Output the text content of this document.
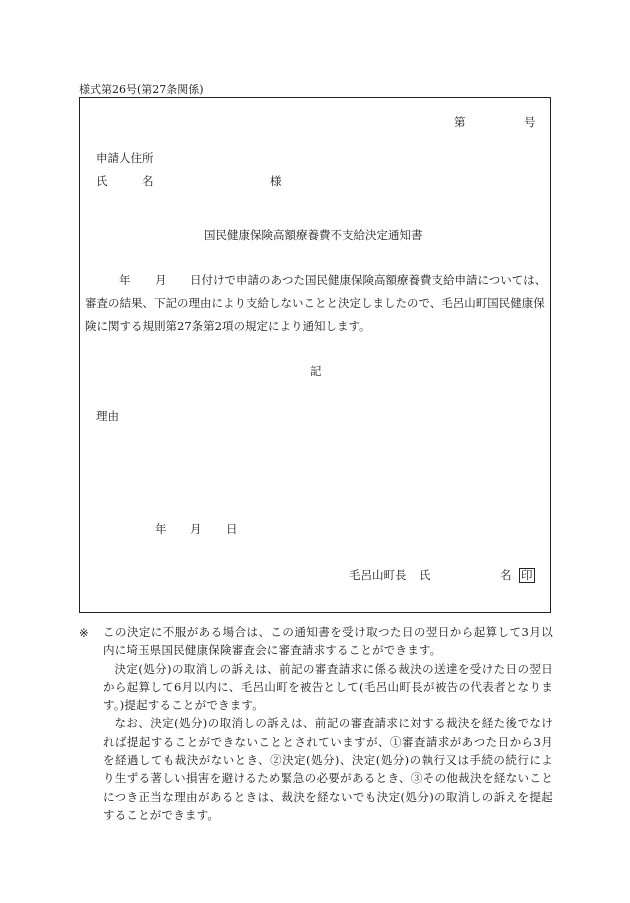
様式第26号(第27条関係)
第	号
申請人住所
氏	名	様
国民健康保険高額療養費不支給決定通知書
年 月 日付けで申請のあつた国民健康保険高額療養費支給申請については、
審査の結果、下記の理由により支給しないことと決定しましたので、毛呂山町国民健康保
険に関する規則第27条第2項の規定により通知します。
記
理由
年 月 日
毛呂山町長 氏	名 印
※ この決定に不服がある場合は、この通知書を受け取つた日の翌日から起算して3月以内に埼玉県国民健康保険審査会に審査請求することができます。

決定(処分)の取消しの訴えは、前記の審査請求に係る裁決の送達を受けた日の翌日から起算して6月以内に、毛呂山町を被告として(毛呂山町長が被告の代表者となります。)提起することができます。

なお、決定(処分)の取消しの訴えは、前記の審査請求に対する裁決を経た後でなければ提起することができないこととされていますが、①審査請求があつた日から3月を経過しても裁決がないとき、②決定(処分)、決定(処分)の執行又は手続の続行により生ずる著しい損害を避けるため緊急の必要があるとき、③その他裁決を経ないことにつき正当な理由があるときは、裁決を経ないでも決定(処分)の取消しの訴えを提起することができます。
